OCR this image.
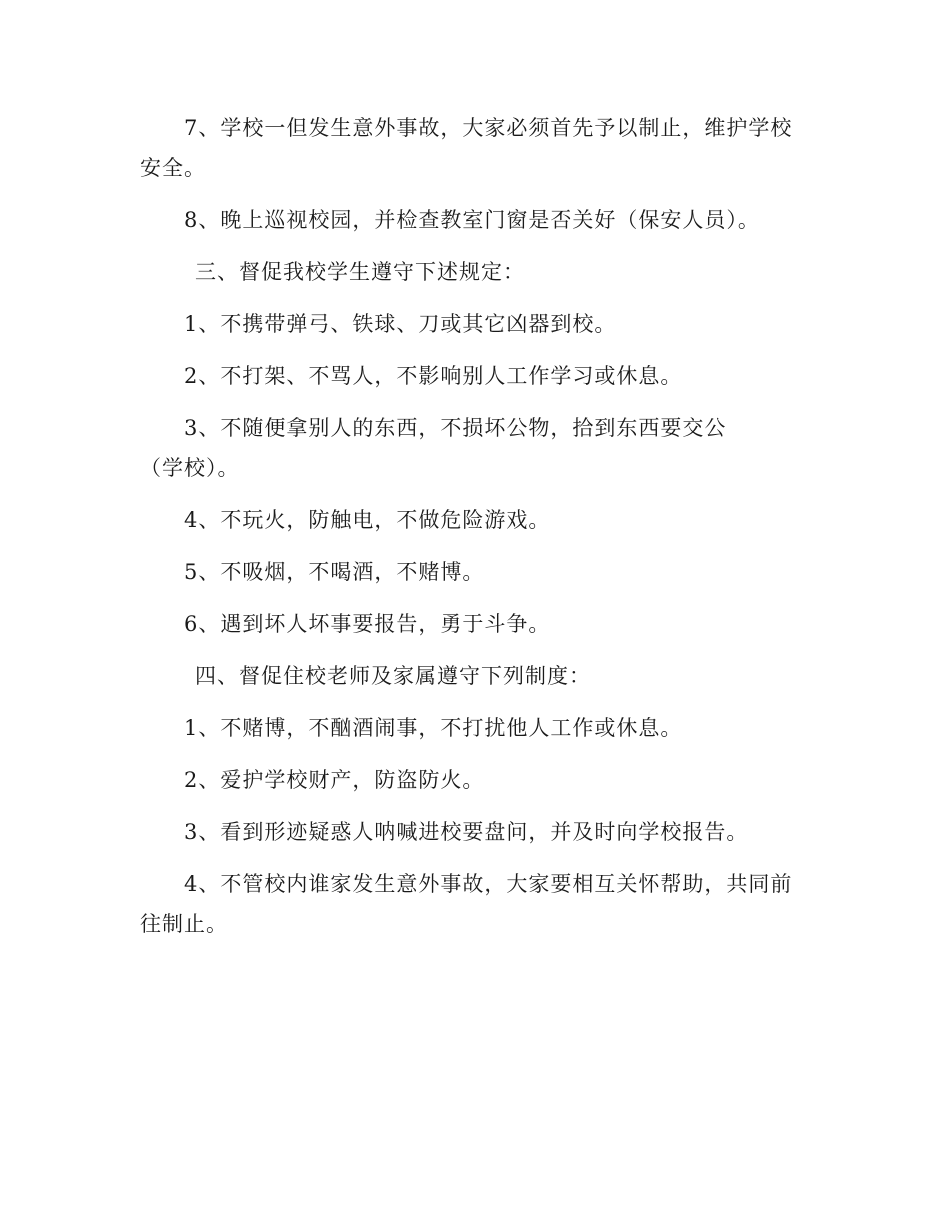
7、学校一但发生意外事故，大家必须首先予以制止，维护学校安全。

8、晚上巡视校园，并检查教室门窗是否关好（保安人员）。

三、督促我校学生遵守下述规定：

1、不携带弹弓、铁球、刀或其它凶器到校。

2、不打架、不骂人，不影响别人工作学习或休息。

3、不随便拿别人的东西，不损坏公物，拾到东西要交公（学校）。

4、不玩火，防触电，不做危险游戏。

5、不吸烟，不喝酒，不赌博。

6、遇到坏人坏事要报告，勇于斗争。

四、督促住校老师及家属遵守下列制度：

1、不赌博，不酗酒闹事，不打扰他人工作或休息。

2、爱护学校财产，防盗防火。

3、看到形迹疑惑人呐喊进校要盘问，并及时向学校报告。

4、不管校内谁家发生意外事故，大家要相互关怀帮助，共同前往制止。
